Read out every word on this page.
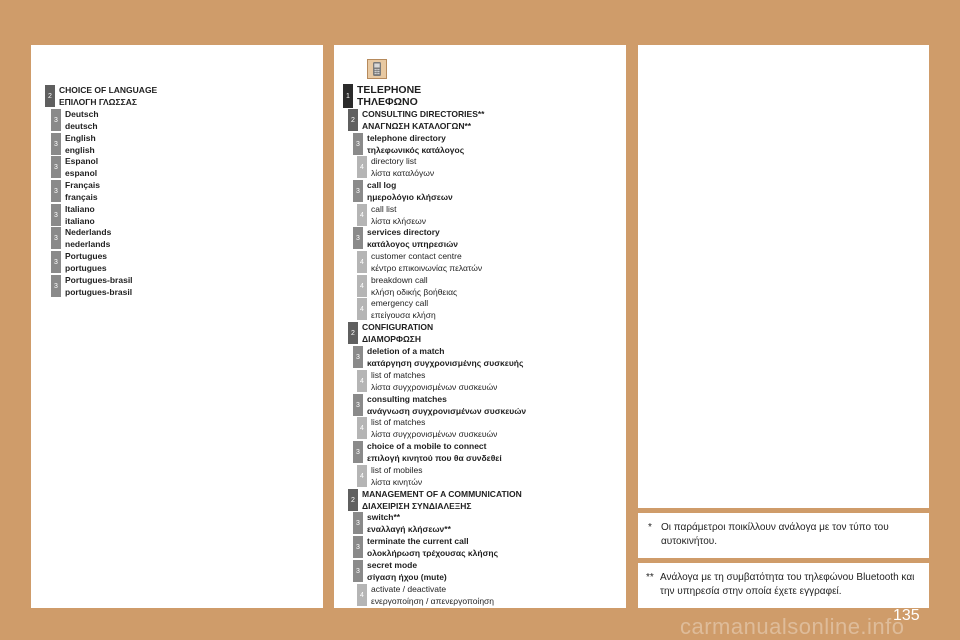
* Οι παράμετροι ποικίλλουν ανάλογα με τον τύπο του αυτοκινήτου.
** Ανάλογα με τη συμβατότητα του τηλεφώνου Bluetooth και την υπηρεσία στην οποία έχετε εγγραφεί.
2
CHOICE OF LANGUAGE
ΕΠΙΛΟΓΗ ΓΛΩΣΣΑΣ
3
Deutsch
deutsch
3
English
english
3
Espanol
espanol
3
Français
français
3
Italiano
italiano
3
Nederlands
nederlands
3
Portugues
portugues
3
Portugues-brasil
portugues-brasil
1 TELEPHONE
ΤΗΛΕΦΩΝΟ
2
CONSULTING DIRECTORIES**
ΑΝΑΓΝΩΣΗ ΚΑΤΑΛΟΓΩΝ**
3
telephone directory
τηλεφωνικός κατάλογος
4
directory list
λίστα καταλόγων
3
call log
ημερολόγιο κλήσεων
4
call list
λίστα κλήσεων
3
services directory
κατάλογος υπηρεσιών
4
customer contact centre
κέντρο επικοινωνίας πελατών
4
breakdown call
κλήση οδικής βοήθειας
4
emergency call
επείγουσα κλήση
2
CONFIGURATION
ΔΙΑΜΟΡΦΩΣΗ
3
deletion of a match
κατάργηση συγχρονισμένης συσκευής
4
list of matches
λίστα συγχρονισμένων συσκευών
3
consulting matches
ανάγνωση συγχρονισμένων συσκευών
4
list of matches
λίστα συγχρονισμένων συσκευών
3
choice of a mobile to connect
επιλογή κινητού που θα συνδεθεί
4
list of mobiles
λίστα κινητών
2
MANAGEMENT OF A COMMUNICATION
ΔΙΑΧΕΙΡΙΣΗ ΣΥΝΔΙΑΛΕΞΗΣ
3
switch**
εναλλαγή κλήσεων**
3
terminate the current call
ολοκλήρωση τρέχουσας κλήσης
3
secret mode
σίγαση ήχου (mute)
4
activate / deactivate
ενεργοποίηση / απενεργοποίηση
135
carmanualsonline.info
